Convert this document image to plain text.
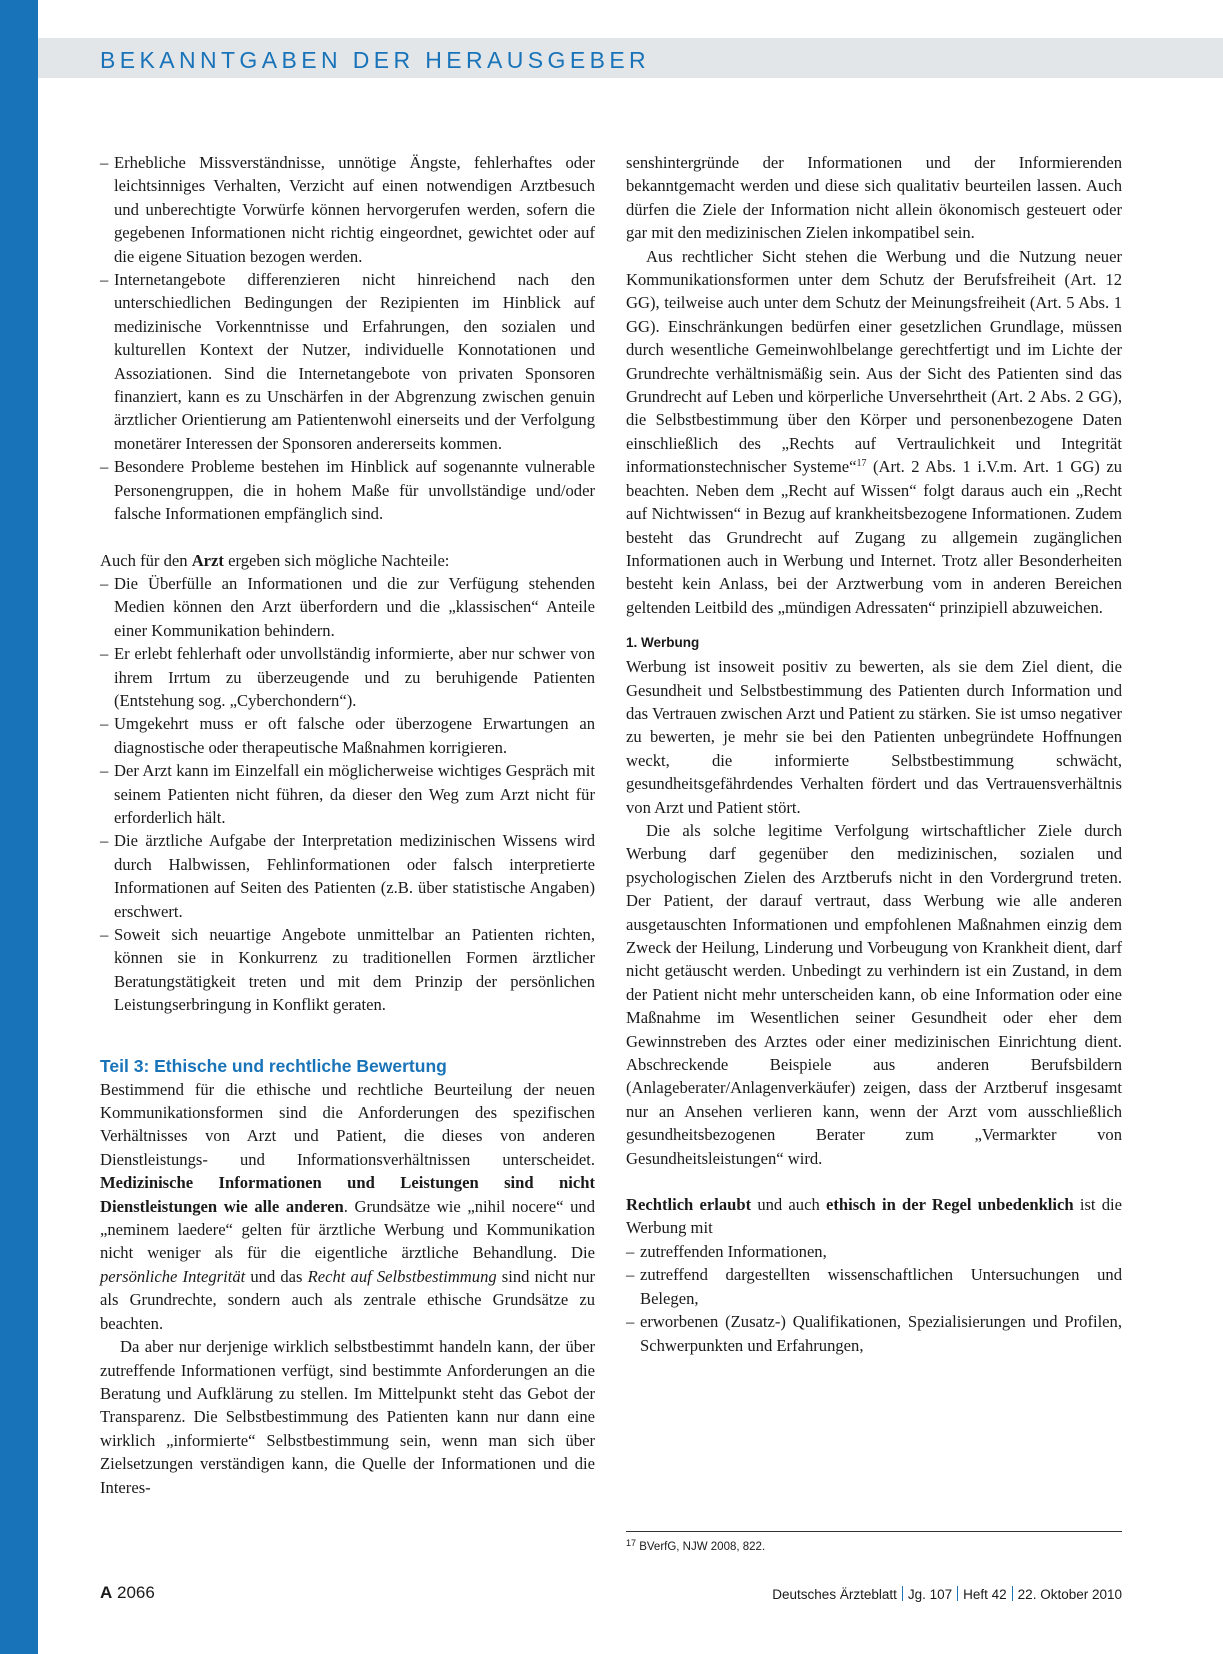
BEKANNTGABEN DER HERAUSGEBER
– Erhebliche Missverständnisse, unnötige Ängste, fehlerhaftes oder leichtsinniges Verhalten, Verzicht auf einen notwendigen Arztbesuch und unberechtigte Vorwürfe können hervorgerufen werden, sofern die gegebenen Informationen nicht richtig eingeordnet, gewichtet oder auf die eigene Situation bezogen werden.
– Internetangebote differenzieren nicht hinreichend nach den unterschiedlichen Bedingungen der Rezipienten im Hinblick auf medizinische Vorkenntnisse und Erfahrungen, den sozialen und kulturellen Kontext der Nutzer, individuelle Konnotationen und Assoziationen. Sind die Internetangebote von privaten Sponsoren finanziert, kann es zu Unschärfen in der Abgrenzung zwischen genuin ärztlicher Orientierung am Patientenwohl einerseits und der Verfolgung monetärer Interessen der Sponsoren andererseits kommen.
– Besondere Probleme bestehen im Hinblick auf sogenannte vulnerable Personengruppen, die in hohem Maße für unvollständige und/oder falsche Informationen empfänglich sind.

Auch für den Arzt ergeben sich mögliche Nachteile:

– Die Überfülle an Informationen und die zur Verfügung stehenden Medien können den Arzt überfordern und die „klassischen“ Anteile einer Kommunikation behindern.
– Er erlebt fehlerhaft oder unvollständig informierte, aber nur schwer von ihrem Irrtum zu überzeugende und zu beruhigende Patienten (Entstehung sog. „Cyberchondern“).
– Umgekehrt muss er oft falsche oder überzogene Erwartungen an diagnostische oder therapeutische Maßnahmen korrigieren.
– Der Arzt kann im Einzelfall ein möglicherweise wichtiges Gespräch mit seinem Patienten nicht führen, da dieser den Weg zum Arzt nicht für erforderlich hält.
– Die ärztliche Aufgabe der Interpretation medizinischen Wissens wird durch Halbwissen, Fehlinformationen oder falsch interpretierte Informationen auf Seiten des Patienten (z.B. über statistische Angaben) erschwert.
– Soweit sich neuartige Angebote unmittelbar an Patienten richten, können sie in Konkurrenz zu traditionellen Formen ärztlicher Beratungstätigkeit treten und mit dem Prinzip der persönlichen Leistungserbringung in Konflikt geraten.
Teil 3: Ethische und rechtliche Bewertung

Bestimmend für die ethische und rechtliche Beurteilung der neuen Kommunikationsformen sind die Anforderungen des spezifischen Verhältnisses von Arzt und Patient, die dieses von anderen Dienstleistungs- und Informationsverhältnissen unterscheidet. Medizinische Informationen und Leistungen sind nicht Dienstleistungen wie alle anderen. Grundsätze wie „nihil nocere“ und „neminem laedere“ gelten für ärztliche Werbung und Kommunikation nicht weniger als für die eigentliche ärztliche Behandlung. Die persönliche Integrität und das Recht auf Selbstbestimmung sind nicht nur als Grundrechte, sondern auch als zentrale ethische Grundsätze zu beachten.

Da aber nur derjenige wirklich selbstbestimmt handeln kann, der über zutreffende Informationen verfügt, sind bestimmte Anforderungen an die Beratung und Aufklärung zu stellen. Im Mittelpunkt steht das Gebot der Transparenz. Die Selbstbestimmung des Patienten kann nur dann eine wirklich „informierte“ Selbstbestimmung sein, wenn man sich über Zielsetzungen verständigen kann, die Quelle der Informationen und die Interes-

senshintergründe der Informationen und der Informierenden bekanntgemacht werden und diese sich qualitativ beurteilen lassen. Auch dürfen die Ziele der Information nicht allein ökonomisch gesteuert oder gar mit den medizinischen Zielen inkompatibel sein.

Aus rechtlicher Sicht stehen die Werbung und die Nutzung neuer Kommunikationsformen unter dem Schutz der Berufsfreiheit (Art. 12 GG), teilweise auch unter dem Schutz der Meinungsfreiheit (Art. 5 Abs. 1 GG). Einschränkungen bedürfen einer gesetzlichen Grundlage, müssen durch wesentliche Gemeinwohlbelange gerechtfertigt und im Lichte der Grundrechte verhältnismäßig sein. Aus der Sicht des Patienten sind das Grundrecht auf Leben und körperliche Unversehrtheit (Art. 2 Abs. 2 GG), die Selbstbestimmung über den Körper und personenbezogene Daten einschließlich des „Rechts auf Vertraulichkeit und Integrität informationstechnischer Systeme“$^{17}$ (Art. 2 Abs. 1 i.V.m. Art. 1 GG) zu beachten. Neben dem „Recht auf Wissen“ folgt daraus auch ein „Recht auf Nichtwissen“ in Bezug auf krankheitsbezogene Informationen. Zudem besteht das Grundrecht auf Zugang zu allgemein zugänglichen Informationen auch in Werbung und Internet. Trotz aller Besonderheiten besteht kein Anlass, bei der Arztwerbung vom in anderen Bereichen geltenden Leitbild des „mündigen Adressaten“ prinzipiell abzuweichen.

1. Werbung

Werbung ist insoweit positiv zu bewerten, als sie dem Ziel dient, die Gesundheit und Selbstbestimmung des Patienten durch Information und das Vertrauen zwischen Arzt und Patient zu stärken. Sie ist umso negativer zu bewerten, je mehr sie bei den Patienten unbegründete Hoffnungen weckt, die informierte Selbstbestimmung schwächt, gesundheitsgefährdendes Verhalten fördert und das Vertrauensverhältnis von Arzt und Patient stört.

Die als solche legitime Verfolgung wirtschaftlicher Ziele durch Werbung darf gegenüber den medizinischen, sozialen und psychologischen Zielen des Arztberufs nicht in den Vordergrund treten. Der Patient, der darauf vertraut, dass Werbung wie alle anderen ausgetauschten Informationen und empfohlenen Maßnahmen einzig dem Zweck der Heilung, Linderung und Vorbeugung von Krankheit dient, darf nicht getäuscht werden. Unbedingt zu verhindern ist ein Zustand, in dem der Patient nicht mehr unterscheiden kann, ob eine Information oder eine Maßnahme im Wesentlichen seiner Gesundheit oder eher dem Gewinnstreben des Arztes oder einer medizinischen Einrichtung dient. Abschreckende Beispiele aus anderen Berufsbildern (Anlageberater/Anlagenverkäufer) zeigen, dass der Arztberuf insgesamt nur an Ansehen verlieren kann, wenn der Arzt vom ausschließlich gesundheitsbezogenen Berater zum „Vermarkter von Gesundheitsleistungen“ wird.

Rechtlich erlaubt und auch ethisch in der Regel unbedenklich ist die Werbung mit

– zutreffenden Informationen,
– zutreffend dargestellten wissenschaftlichen Untersuchungen und Belegen,
– erworbenen (Zusatz-) Qualifikationen, Spezialisierungen und Profilen, Schwerpunkten und Erfahrungen,
$^{17}$ BVerfG, NJW 2008, 822.
A 2066	Deutsches Ärzteblatt Jg. 107 Heft 42 22. Oktober 2010
